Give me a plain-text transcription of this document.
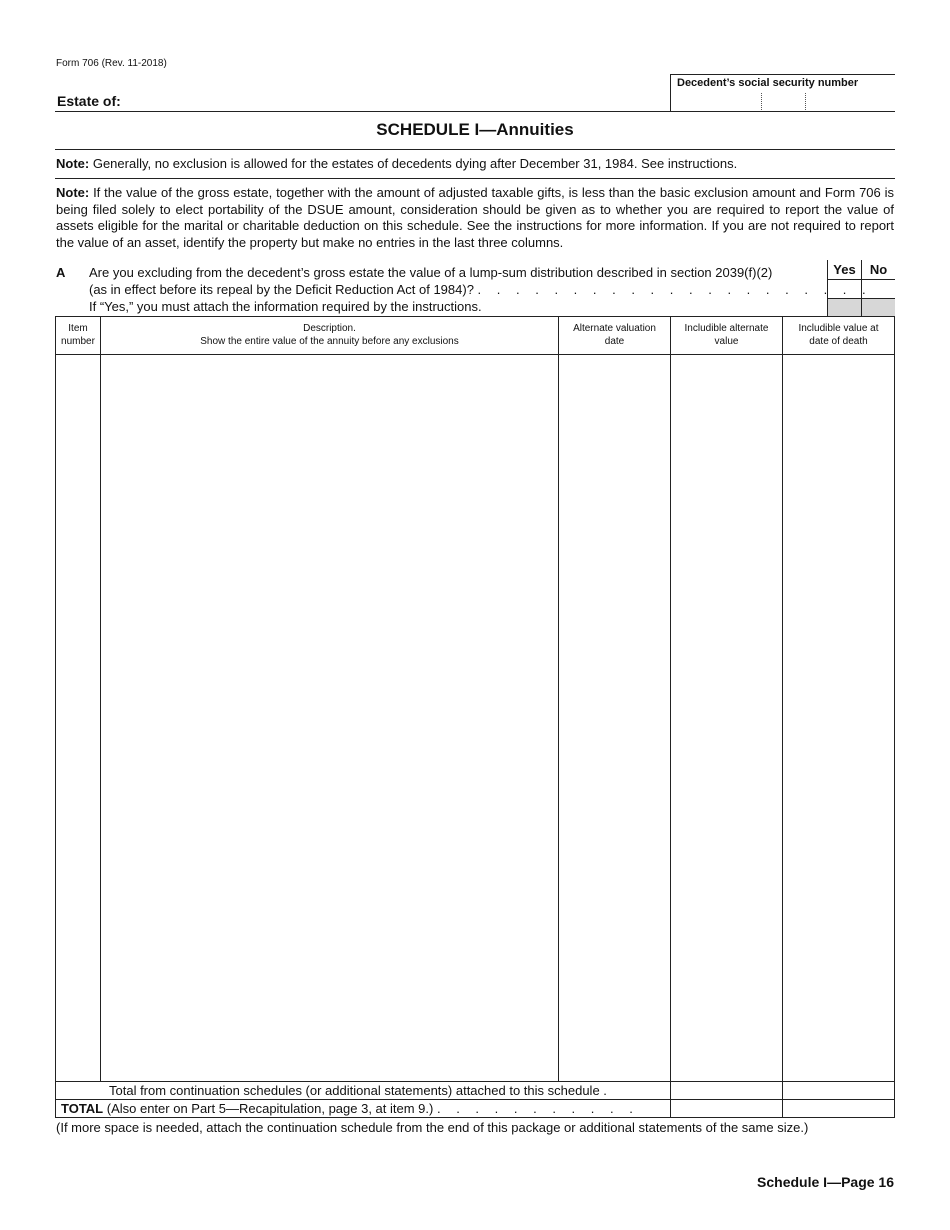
Form 706 (Rev. 11-2018)
Decedent’s social security number
Estate of:
SCHEDULE I—Annuities
Note: Generally, no exclusion is allowed for the estates of decedents dying after December 31, 1984. See instructions.
Note: If the value of the gross estate, together with the amount of adjusted taxable gifts, is less than the basic exclusion amount and Form 706 is being filed solely to elect portability of the DSUE amount, consideration should be given as to whether you are required to report the value of assets eligible for the marital or charitable deduction on this schedule. See the instructions for more information. If you are not required to report the value of an asset, identify the property but make no entries in the last three columns.
A Are you excluding from the decedent’s gross estate the value of a lump-sum distribution described in section 2039(f)(2)
(as in effect before its repeal by the Deficit Reduction Act of 1984)? . . . . . . . . . . . . . . . . . . . . .
If “Yes,” you must attach the information required by the instructions.
Yes	No
Item
number
Description.
Show the entire value of the annuity before any exclusions
Alternate valuation
date
Includible alternate
value
Includible value at
date of death
Total from continuation schedules (or additional statements) attached to this schedule .
TOTAL (Also enter on Part 5—Recapitulation, page 3, at item 9.) . . . . . . . . . . .
(If more space is needed, attach the continuation schedule from the end of this package or additional statements of the same size.)
Schedule I—Page 16
